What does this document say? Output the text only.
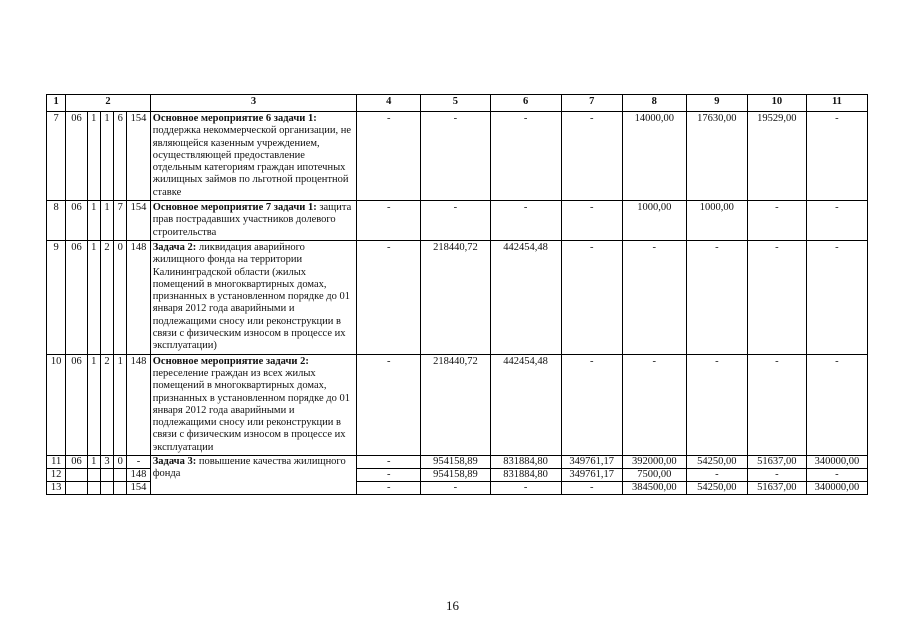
1	2					3	4	5	6	7	8	9	10	11
7	06	1	1	6	154	Основное мероприятие 6 задачи 1: поддержка некоммерческой организации, не являющейся казенным учреждением, осуществляющей предоставление отдельным категориям граждан ипотечных жилищных займов по льготной процентной ставке	-	-	-	-	14000,00	17630,00	19529,00	-
8	06	1	1	7	154	Основное мероприятие 7 задачи 1: защита прав пострадавших участников долевого строительства	-	-	-	-	1000,00	1000,00	-	-
9	06	1	2	0	148	Задача 2: ликвидация аварийного жилищного фонда на территории Калининградской области (жилых помещений в многоквартирных домах, признанных в установленном порядке до 01 января 2012 года аварийными и подлежащими сносу или реконструкции в связи с физическим износом в процессе их эксплуатации)	-	218440,72	442454,48	-	-	-	-	-
10	06	1	2	1	148	Основное мероприятие задачи 2: переселение граждан из всех жилых помещений в многоквартирных домах, признанных в установленном порядке до 01 января 2012 года аварийными и подлежащими сносу или реконструкции в связи с физическим износом в процессе их эксплуатации	-	218440,72	442454,48	-	-	-	-	-
11	06	1	3	0	-	Задача 3: повышение качества жилищного фонда	-	954158,89	831884,80	349761,17	392000,00	54250,00	51637,00	340000,00
12					148		-	954158,89	831884,80	349761,17	7500,00	-	-	-
13					154		-	-	-	-	384500,00	54250,00	51637,00	340000,00
16
